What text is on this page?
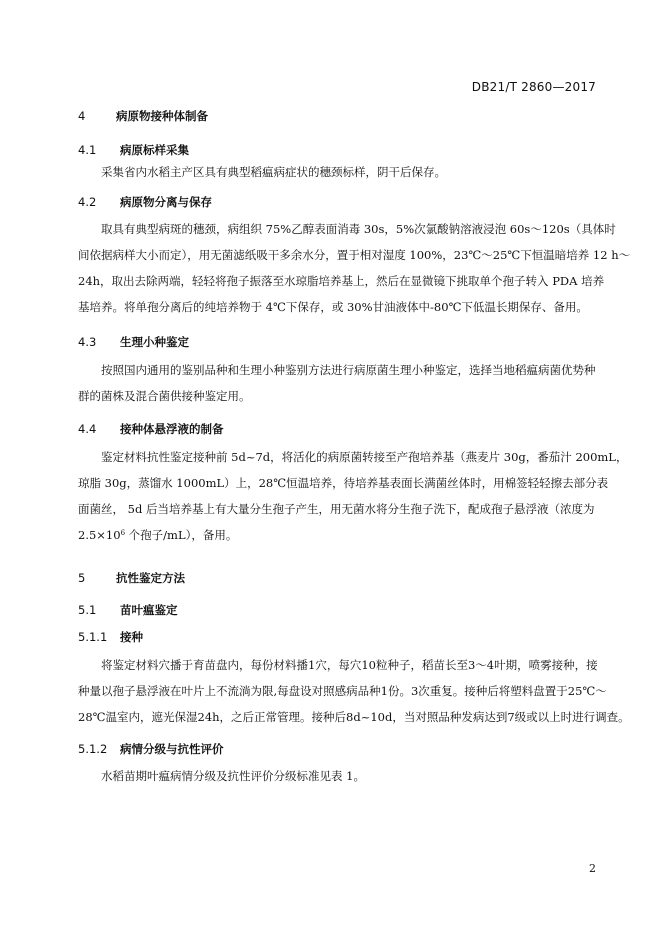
DB21/T 2860—2017
4	病原物接种体制备
4.1 病原标样采集
采集省内水稻主产区具有典型稻瘟病症状的穗颈标样，阴干后保存。
4.2 病原物分离与保存
取具有典型病斑的穗颈，病组织 75%乙醇表面消毒 30s，5%次氯酸钠溶液浸泡 60s～120s（具体时
间依据病样大小而定），用无菌滤纸吸干多余水分，置于相对湿度 100%，23℃～25℃下恒温暗培养 12 h～
24h，取出去除两端，轻轻将孢子振落至水琼脂培养基上，然后在显微镜下挑取单个孢子转入 PDA 培养
基培养。将单孢分离后的纯培养物于 4℃下保存，或 30%甘油液体中-80℃下低温长期保存、备用。
4.3 生理小种鉴定
按照国内通用的鉴别品种和生理小种鉴别方法进行病原菌生理小种鉴定，选择当地稻瘟病菌优势种
群的菌株及混合菌供接种鉴定用。
4.4 接种体悬浮液的制备
鉴定材料抗性鉴定接种前 5d~7d，将活化的病原菌转接至产孢培养基（燕麦片 30g，番茄汁 200mL，
琼脂 30g，蒸馏水 1000mL）上，28℃恒温培养，待培养基表面长满菌丝体时，用棉签轻轻擦去部分表
面菌丝， 5d 后当培养基上有大量分生孢子产生，用无菌水将分生孢子洗下，配成孢子悬浮液（浓度为
$2.5\times 10^6$ 个孢子/mL），备用。
5	抗性鉴定方法
5.1 苗叶瘟鉴定
5.1.1 接种
将鉴定材料穴播于育苗盘内，每份材料播1穴，每穴10粒种子，稻苗长至3～4叶期，喷雾接种，接
种量以孢子悬浮液在叶片上不流淌为限,每盘设对照感病品种1份。3次重复。接种后将塑料盘置于25℃～
28℃温室内，遮光保湿24h，之后正常管理。接种后8d~10d，当对照品种发病达到7级或以上时进行调查。
5.1.2 病情分级与抗性评价
水稻苗期叶瘟病情分级及抗性评价分级标准见表 1。
2
